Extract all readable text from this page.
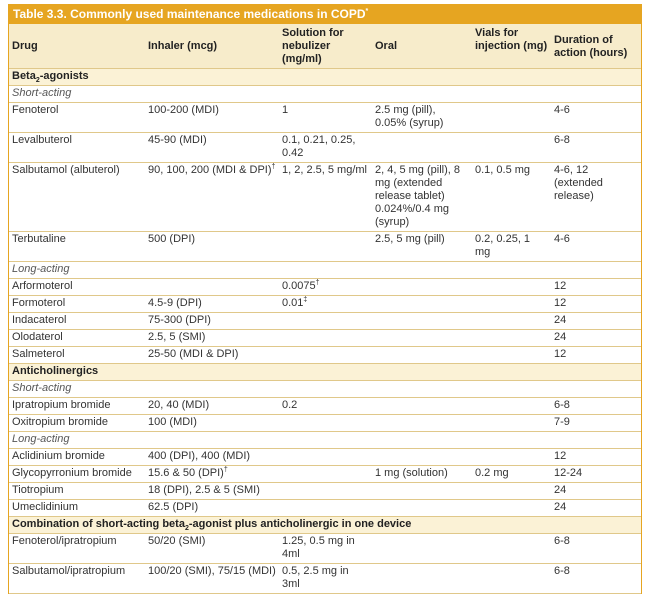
Table 3.3. Commonly used maintenance medications in COPD*
Drug	Inhaler (mcg)	Solution for nebulizer (mg/ml)	Oral	Vials for injection (mg)	Duration of action (hours)
Beta$_2$-agonists					
Short-acting					
Fenoterol	100-200 (MDI)	1	2.5 mg (pill), 0.05% (syrup)		4-6
Levalbuterol	45-90 (MDI)	0.1, 0.21, 0.25, 0.42			6-8
Salbutamol (albuterol)	90, 100, 200 (MDI & DPI)†	1, 2, 2.5, 5 mg/ml	2, 4, 5 mg (pill), 8 mg (extended release tablet) 0.024%/0.4 mg (syrup)	0.1, 0.5 mg	4-6, 12 (extended release)
Terbutaline	500 (DPI)		2.5, 5 mg (pill)	0.2, 0.25, 1 mg	4-6
Long-acting					
Arformoterol		0.0075†			12
Formoterol	4.5-9 (DPI)	0.01‡			12
Indacaterol	75-300 (DPI)				24
Olodaterol	2.5, 5 (SMI)				24
Salmeterol	25-50 (MDI & DPI)				12
Anticholinergics					
Short-acting					
Ipratropium bromide	20, 40 (MDI)	0.2			6-8
Oxitropium bromide	100 (MDI)				7-9
Long-acting					
Aclidinium bromide	400 (DPI), 400 (MDI)				12
Glycopyrronium bromide	15.6 & 50 (DPI)†		1 mg (solution)	0.2 mg	12-24
Tiotropium	18 (DPI), 2.5 & 5 (SMI)				24
Umeclidinium	62.5 (DPI)				24
Combination of short-acting beta$_2$-agonist plus anticholinergic in one device					
Fenoterol/ipratropium	50/20 (SMI)	1.25, 0.5 mg in 4ml			6-8
Salbutamol/ipratropium	100/20 (SMI), 75/15 (MDI)	0.5, 2.5 mg in 3ml			6-8
